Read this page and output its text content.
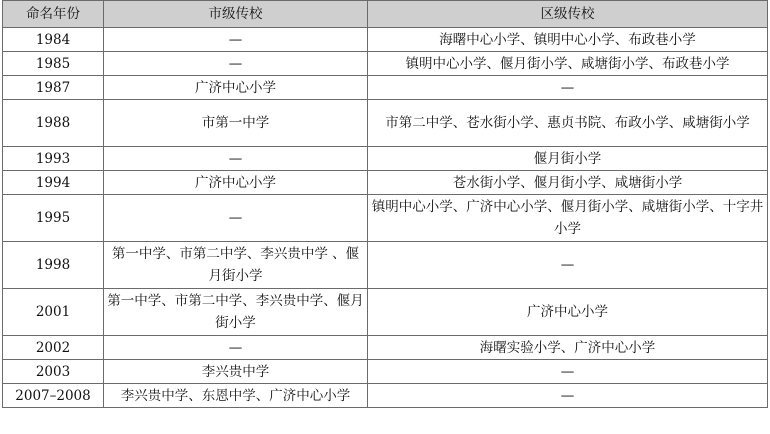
命名年份	市级传校	区级传校
1984	—	海曙中心小学、镇明中心小学、布政巷小学
1985	—	镇明中心小学、偃月街小学、咸塘街小学、布政巷小学
1987	广济中心小学	—
1988	市第一中学	市第二中学、苍水街小学、惠贞书院、布政小学、咸塘街小学
1993	—	偃月街小学
1994	广济中心小学	苍水街小学、偃月街小学、咸塘街小学
1995	—	镇明中心小学、广济中心小学、偃月街小学、咸塘街小学、十字井小学
1998	第一中学、市第二中学、李兴贵中学 、偃月街小学	—
2001	第一中学、市第二中学、李兴贵中学、偃月街小学	广济中心小学
2002	—	海曙实验小学、广济中心小学
2003	李兴贵中学	—
2007–2008	李兴贵中学、东恩中学、广济中心小学	—
